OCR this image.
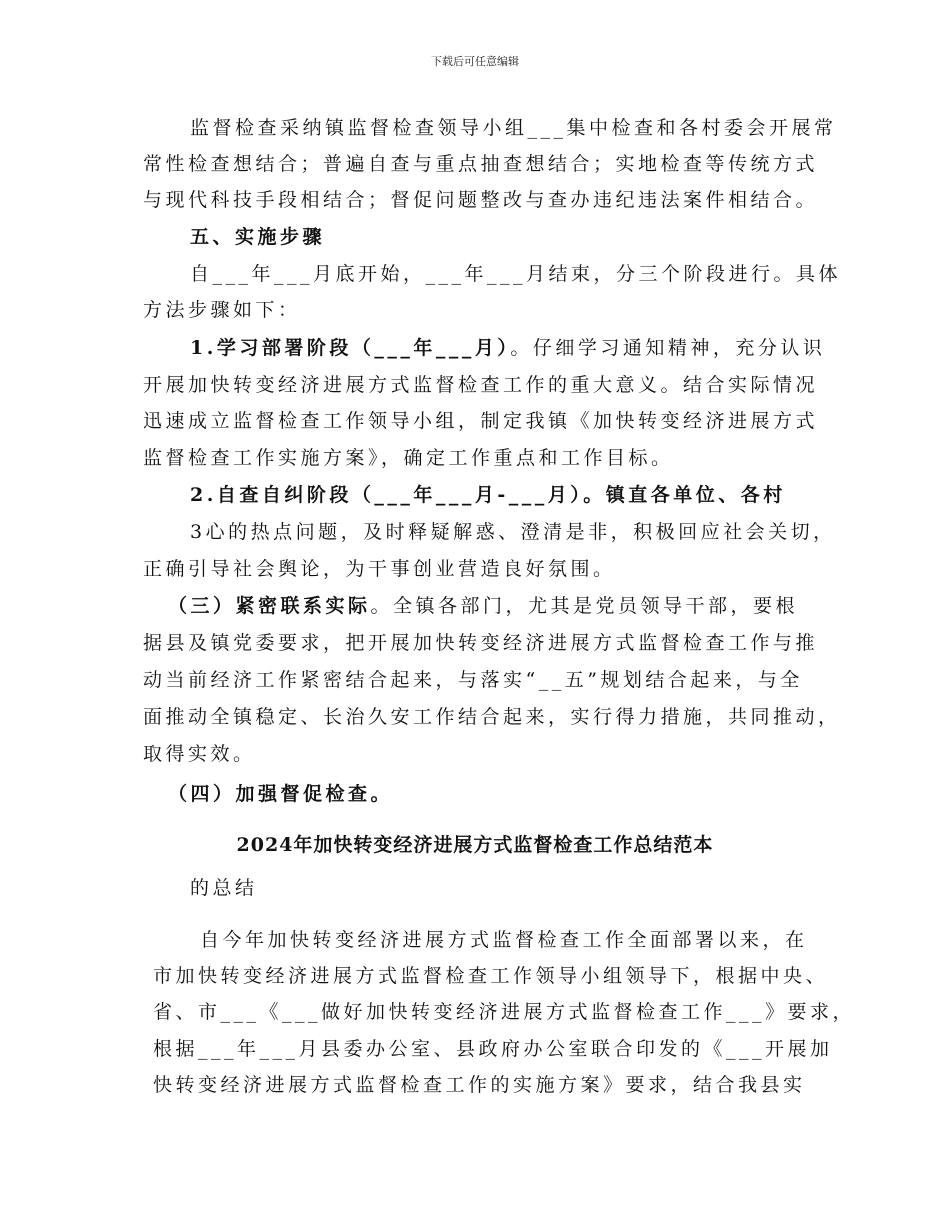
下载后可任意编辑
监督检查采纳镇监督检查领导小组___集中检查和各村委会开展常
常性检查想结合；普遍自查与重点抽查想结合；实地检查等传统方式
与现代科技手段相结合；督促问题整改与查办违纪违法案件相结合。
五、实施步骤
自___年___月底开始，___年___月结束，分三个阶段进行。具体
方法步骤如下：
1.学习部署阶段（___年___月）。仔细学习通知精神，充分认识
开展加快转变经济进展方式监督检查工作的重大意义。结合实际情况
迅速成立监督检查工作领导小组，制定我镇《加快转变经济进展方式
监督检查工作实施方案》，确定工作重点和工作目标。
2.自查自纠阶段（___年___月-___月）。镇直各单位、各村
3心的热点问题，及时释疑解惑、澄清是非，积极回应社会关切，
正确引导社会舆论，为干事创业营造良好氛围。
（三）紧密联系实际。全镇各部门，尤其是党员领导干部，要根
据县及镇党委要求，把开展加快转变经济进展方式监督检查工作与推
动当前经济工作紧密结合起来，与落实“__五”规划结合起来，与全
面推动全镇稳定、长治久安工作结合起来，实行得力措施，共同推动，
取得实效。
（四）加强督促检查。
2024年加快转变经济进展方式监督检查工作总结范本
的总结
自今年加快转变经济进展方式监督检查工作全面部署以来，在
市加快转变经济进展方式监督检查工作领导小组领导下，根据中央、
省、市___《___做好加快转变经济进展方式监督检查工作___》要求，
根据___年___月县委办公室、县政府办公室联合印发的《___开展加
快转变经济进展方式监督检查工作的实施方案》要求，结合我县实
